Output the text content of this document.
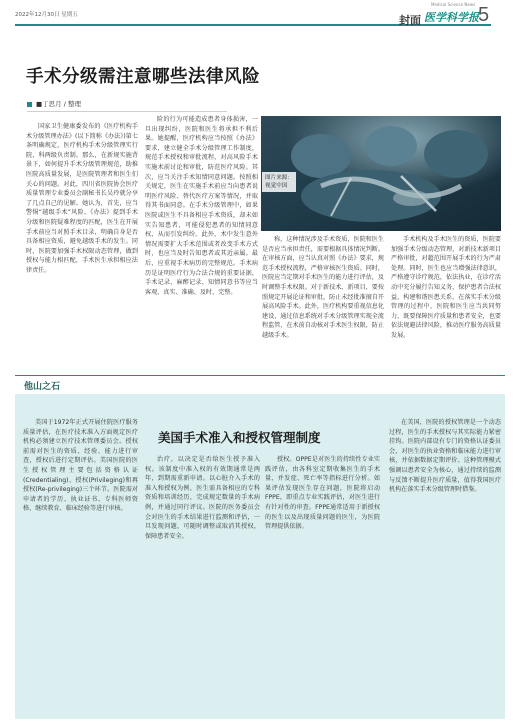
2022年12月30日 星期五	封面
Medical Science News
医学科学报 5
手术分级需注意哪些法律风险
■丁思月 / 整理

国家卫生健康委发布的《医疗机构手术分级管理办法》(以下简称《办法》)第七条明确规定，医疗机构手术分级管理实行院、科两级负责制。那么，在新规实施背景下，如何提升手术分级管理规范，助推医院高质量发展，是医院管理者和医生们关心的问题。对此，四川省医院协会医疗质量管理专业委员会副秘书长吴玲就分享了几点自己的见解。她认为，首先，应当警惕“越级手术”风险。《办法》提到手术分级和医院疑难程度的匹配，医生在开展手术前应当对照手术目录，明确自身是否具备相应资质，避免越级手术的发生。同时，医院要加强手术权限动态管理，做到授权与能力相匹配，手术医生承担相应法律责任。

险的行为可能造成患者身体损害，一旦出现纠纷，医院和医生将承担不利后果。她提醒，医疗机构应当按照《办法》要求，建立健全手术分级管理工作制度，规范手术授权和审批流程，对高风险手术实施术前讨论和审批，防范医疗风险。其次，应当关注手术知情同意问题。按照相关规定，医生在实施手术前应当向患者说明医疗风险、替代医疗方案等情况，并取得其书面同意。在手术分级管理中，如果医院或医生不具备相应手术资质，却未如实告知患者，可能侵犯患者的知情同意权，从而引发纠纷。此外，术中发生意外情况需要扩大手术范围或者改变手术方式时，也应当及时告知患者或其近亲属。最后，应重视手术病历的完整规范。手术病历是证明医疗行为合法合规的重要证据，手术记录、麻醉记录、知情同意书等应当客观、真实、准确、及时、完整。

图片来源：
视觉中国

称，这种情况涉及手术资质，医院和医生是否应当承担责任，需要根据具体情况判断。在审核方面，应当认真对照《办法》要求，规范手术授权流程，严格审核医生资质。同时，医院应当定期对手术医生的能力进行评估，及时调整手术权限。对于新技术、新项目，要按照规定开展论证和审批，防止未经批准擅自开展高风险手术。此外，医疗机构要重视信息化建设，通过信息系统对手术分级管理实现全流程监管，在术前自动核对手术医生权限，防止越级手术。

手术机构及手术医生的资质，医院要加强手术分级动态管理，对新技术新项目严格审批，对超范围开展手术的行为严肃处理。同时，医生也应当增强法律意识，严格遵守诊疗规范，依法执业，在诊疗活动中充分履行告知义务，保护患者合法权益，构建和谐医患关系。在落实手术分级管理的过程中，医院和医生应当共同努力，既要保障医疗质量和患者安全，也要依法规避法律风险，推动医疗服务高质量发展。

他山之石
美国手术准入和授权管理制度

美国于1972年正式开展住院医疗服务质量评估，在医疗技术准入方面规定医疗机构必须建立医疗技术管理委员会。授权前需对医生的资质、经验、能力进行审查，授权后进行定期评估。美国医院的医生授权管理主要包括资格认证(Credentialing)、授权(Privileging)和再授权(Re-privileging)三个环节。医院需对申请者的学历、执业证书、专科医师资格、继续教育、临床经验等进行审核。

治疗，以决定是否给医生授予准入权。该制度中准入权的有效期通常是两年，到期需重新申请。以心脏介入手术的准入和授权为例，医生需具备相应的专科资质和培训经历，完成规定数量的手术病例，并通过同行评议。医院的医务委员会会对医生的手术结果进行监测和评估，一旦发现问题，可随时调整或取消其授权，保障患者安全。

授权。OPPE是对医生的持续性专业实践评估，由各科室定期收集医生的手术量、并发症、死亡率等指标进行分析。如果评估发现医生存在问题，医院将启动FPPE，即重点专业实践评估，对医生进行有针对性的审查。FPPE通常适用于新授权的医生以及出现质量问题的医生，为医院管理提供依据。

在美国，医院的授权管理是一个动态过程，医生的手术授权与其实际能力紧密挂钩。医院内部设有专门的资格认证委员会，对医生的执业资格和临床能力进行审核，并依据数据定期评价。这种管理模式强调以患者安全为核心，通过持续的监测与反馈不断提升医疗质量，值得我国医疗机构在落实手术分级管理时借鉴。
